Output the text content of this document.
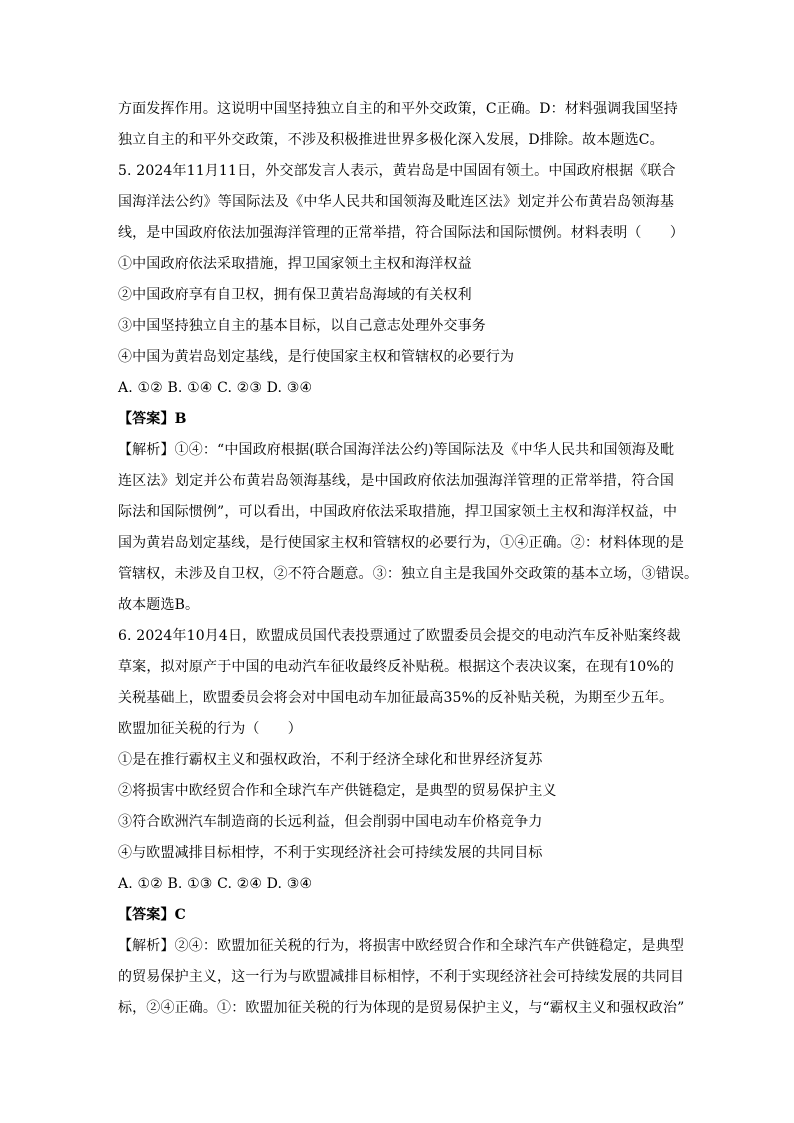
方面发挥作用。这说明中国坚持独立自主的和平外交政策，C正确。D：材料强调我国坚持
独立自主的和平外交政策，不涉及积极推进世界多极化深入发展，D排除。故本题选C。
5. 2024年11月11日，外交部发言人表示，黄岩岛是中国固有领土。中国政府根据《联合
国海洋法公约》等国际法及《中华人民共和国领海及毗连区法》划定并公布黄岩岛领海基
线，是中国政府依法加强海洋管理的正常举措，符合国际法和国际惯例。材料表明（　　）
①中国政府依法采取措施，捍卫国家领土主权和海洋权益
②中国政府享有自卫权，拥有保卫黄岩岛海域的有关权利
③中国坚持独立自主的基本目标，以自己意志处理外交事务
④中国为黄岩岛划定基线，是行使国家主权和管辖权的必要行为
A. ①② B. ①④ C. ②③ D. ③④
【答案】B
【解析】①④：“中国政府根据(联合国海洋法公约)等国际法及《中华人民共和国领海及毗
连区法》划定并公布黄岩岛领海基线，是中国政府依法加强海洋管理的正常举措，符合国
际法和国际惯例”，可以看出，中国政府依法采取措施，捍卫国家领土主权和海洋权益，中
国为黄岩岛划定基线，是行使国家主权和管辖权的必要行为，①④正确。②：材料体现的是
管辖权，未涉及自卫权，②不符合题意。③：独立自主是我国外交政策的基本立场，③错误。
故本题选B。
6. 2024年10月4日，欧盟成员国代表投票通过了欧盟委员会提交的电动汽车反补贴案终裁
草案，拟对原产于中国的电动汽车征收最终反补贴税。根据这个表决议案，在现有10%的
关税基础上，欧盟委员会将会对中国电动车加征最高35%的反补贴关税，为期至少五年。
欧盟加征关税的行为（　　）
①是在推行霸权主义和强权政治，不利于经济全球化和世界经济复苏
②将损害中欧经贸合作和全球汽车产供链稳定，是典型的贸易保护主义
③符合欧洲汽车制造商的长远利益，但会削弱中国电动车价格竞争力
④与欧盟减排目标相悖，不利于实现经济社会可持续发展的共同目标
A. ①② B. ①③ C. ②④ D. ③④
【答案】C
【解析】②④：欧盟加征关税的行为，将损害中欧经贸合作和全球汽车产供链稳定，是典型
的贸易保护主义，这一行为与欧盟减排目标相悖，不利于实现经济社会可持续发展的共同目
标，②④正确。①：欧盟加征关税的行为体现的是贸易保护主义，与“霸权主义和强权政治”
